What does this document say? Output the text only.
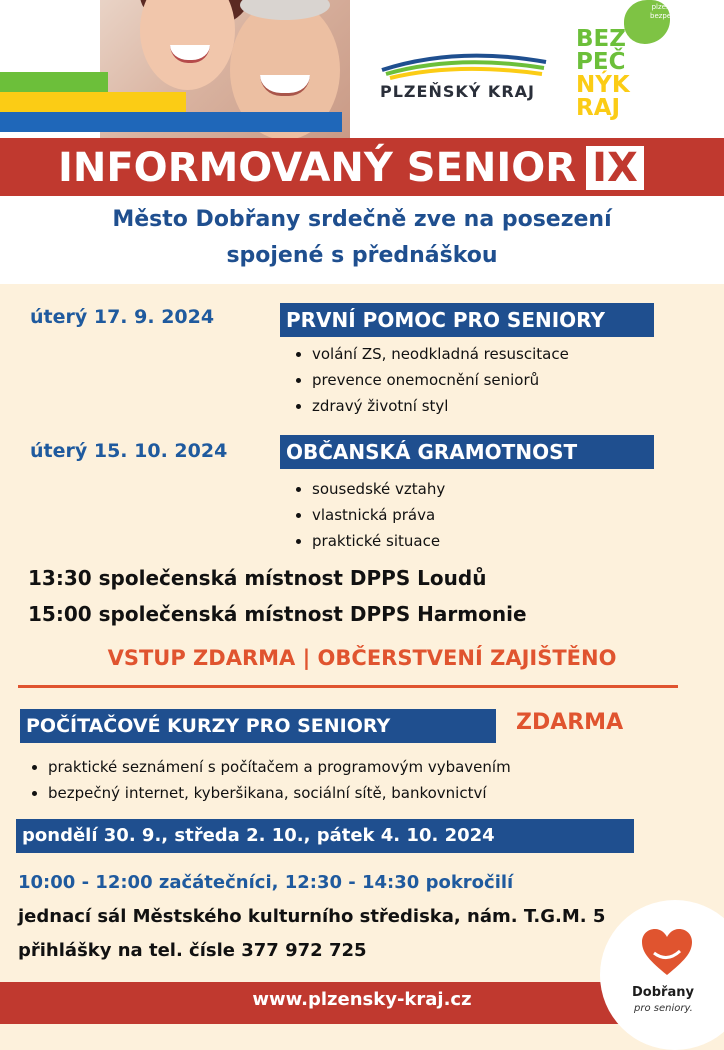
PLZEŇSKÝ KRAJ
plzeňský kraj
bezpečný kraj
BEZ
PEČ
NÝK
RAJ
INFORMOVANÝ SENIOR IX
Město Dobřany srdečně zve na posezení
spojené s přednáškou
úterý 17. 9. 2024	PRVNÍ POMOC PRO SENIORY
volání ZS, neodkladná resuscitace
prevence onemocnění seniorů
zdravý životní styl
úterý 15. 10. 2024	OBČANSKÁ GRAMOTNOST
sousedské vztahy
vlastnická práva
praktické situace
13:30 společenská místnost DPPS Loudů
15:00 společenská místnost DPPS Harmonie
VSTUP ZDARMA | OBČERSTVENÍ ZAJIŠTĚNO
POČÍTAČOVÉ KURZY PRO SENIORY	ZDARMA
praktické seznámení s počítačem a programovým vybavením
bezpečný internet, kyberšikana, sociální sítě, bankovnictví
pondělí 30. 9., středa 2. 10., pátek 4. 10. 2024
10:00 - 12:00 začátečníci, 12:30 - 14:30 pokročilí
jednací sál Městského kulturního střediska, nám. T.G.M. 5
přihlášky na tel. čísle 377 972 725
www.plzensky-kraj.cz	Dobřany
pro seniory.
